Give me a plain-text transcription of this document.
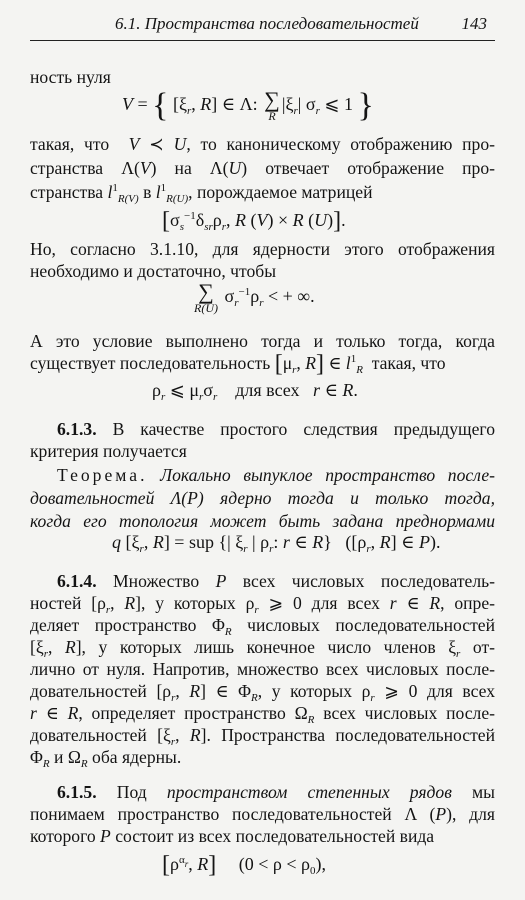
6.1. Пространства последовательностей	143
ность нуля
V = { [$\xi_r$, R] ∈ Λ: ∑
R
$|\xi_r|$ $\sigma_r$ ⩽ 1 }
такая, что  V ≺ U, то каноническому отображению про-
странства Λ(V) на Λ(U) отвечает отображение про-
странства $l^1_{R(V)}$ в $l^1_{R(U)}$, порождаемое матрицей
[$\sigma_s^{-1}\delta_{sr}\rho_r$, R (V) × R (U)].
Но, согласно 3.1.10, для ядерности этого отображения
необходимо и достаточно, чтобы
∑
R(U)
$\sigma_r^{-1}\rho_r$ < + ∞.
А это условие выполнено тогда и только тогда, когда
существует последовательность [$\mu_r$, R] ∈ $l^1_R$  такая, что
$\rho_r$ ⩽ $\mu_r\sigma_r$    для всех   r ∈ R.
6.1.3. В качестве простого следствия предыдущего
критерия получается
Теорема. Локально выпуклое пространство после-
довательностей Λ(P) ядерно тогда и только тогда,
когда его топология может быть задана преднормами
q [$\xi_r$, R] = sup {| $\xi_r$ | $\rho_r$: r ∈ R}   ([$\rho_r$, R] ∈ P).
6.1.4. Множество P всех числовых последователь-
ностей [$\rho_r$, R], у которых $\rho_r$ ⩾ 0 для всех r ∈ R, опре-
деляет пространство $\Phi_R$ числовых последовательностей
[$\xi_r$, R], у которых лишь конечное число членов $\xi_r$ от-
лично от нуля. Напротив, множество всех числовых после-
довательностей [$\rho_r$, R] ∈ $\Phi_R$, у которых $\rho_r$ ⩾ 0 для всех
r ∈ R, определяет пространство $\Omega_R$ всех числовых после-
довательностей [$\xi_r$, R]. Пространства последовательностей
$\Phi_R$ и $\Omega_R$ оба ядерны.
6.1.5. Под пространством степенных рядов мы
понимаем пространство последовательностей Λ (P), для
которого P состоит из всех последовательностей вида
[$\rho^{\alpha_r}$, R]     $(0 < \rho < \rho_0)$,
